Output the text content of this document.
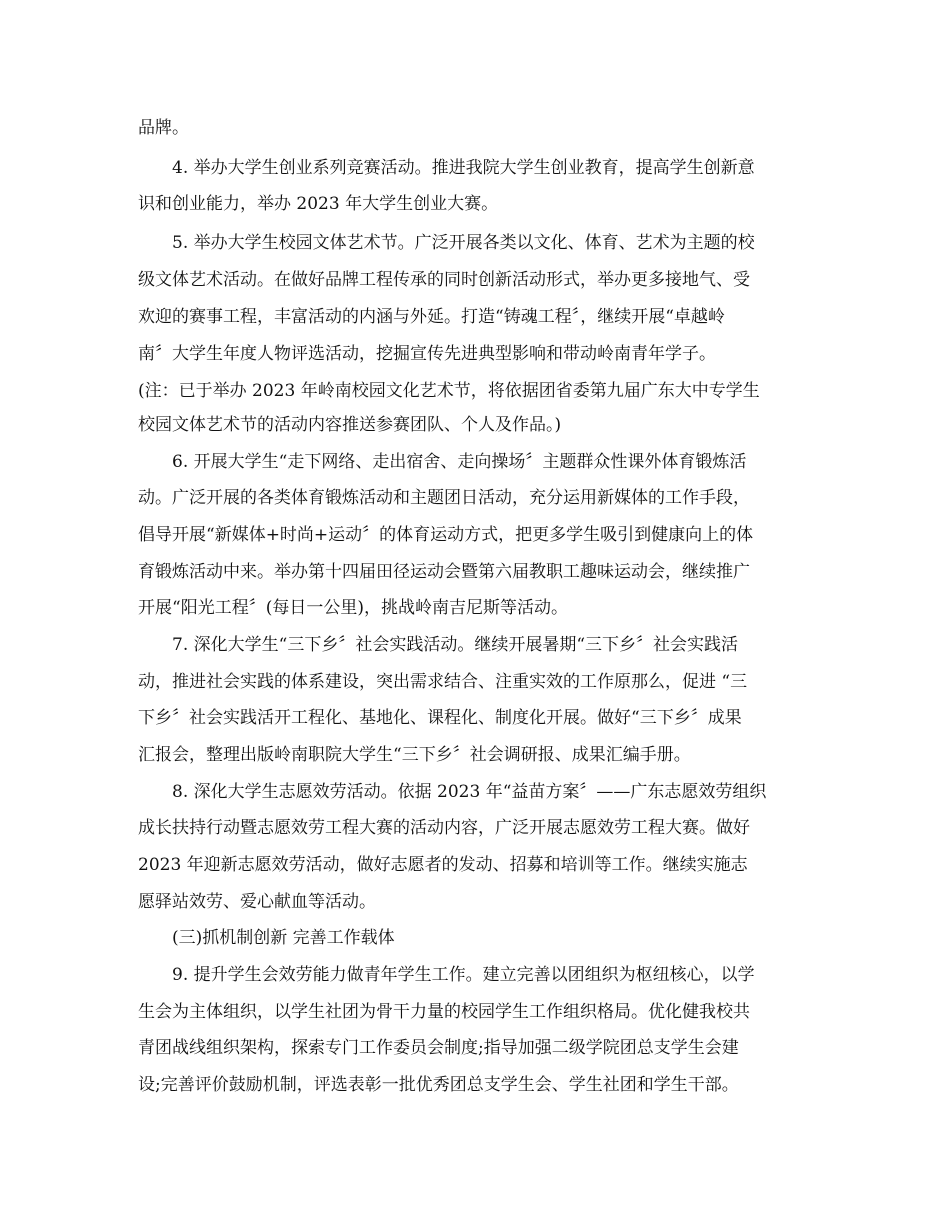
品牌。
4. 举办大学生创业系列竞赛活动。推进我院大学生创业教育，提高学生创新意
识和创业能力，举办 2023 年大学生创业大赛。
5. 举办大学生校园文体艺术节。广泛开展各类以文化、体育、艺术为主题的校
级文体艺术活动。在做好品牌工程传承的同时创新活动形式，举办更多接地气、受
欢迎的赛事工程，丰富活动的内涵与外延。打造“铸魂工程〞，继续开展“卓越岭
南〞大学生年度人物评选活动，挖掘宣传先进典型影响和带动岭南青年学子。
(注：已于举办 2023 年岭南校园文化艺术节，将依据团省委第九届广东大中专学生
校园文体艺术节的活动内容推送参赛团队、个人及作品。)
6. 开展大学生“走下网络、走出宿舍、走向操场〞主题群众性课外体育锻炼活
动。广泛开展的各类体育锻炼活动和主题团日活动，充分运用新媒体的工作手段，
倡导开展“新媒体+时尚+运动〞的体育运动方式，把更多学生吸引到健康向上的体
育锻炼活动中来。举办第十四届田径运动会暨第六届教职工趣味运动会，继续推广
开展“阳光工程〞(每日一公里)，挑战岭南吉尼斯等活动。
7. 深化大学生“三下乡〞社会实践活动。继续开展暑期“三下乡〞社会实践活
动，推进社会实践的体系建设，突出需求结合、注重实效的工作原那么，促进 “三
下乡〞社会实践活开工程化、基地化、课程化、制度化开展。做好“三下乡〞成果
汇报会，整理出版岭南职院大学生“三下乡〞社会调研报、成果汇编手册。
8. 深化大学生志愿效劳活动。依据 2023 年“益苗方案〞——广东志愿效劳组织
成长扶持行动暨志愿效劳工程大赛的活动内容，广泛开展志愿效劳工程大赛。做好
2023 年迎新志愿效劳活动，做好志愿者的发动、招募和培训等工作。继续实施志
愿驿站效劳、爱心献血等活动。
(三)抓机制创新 完善工作载体
9. 提升学生会效劳能力做青年学生工作。建立完善以团组织为枢纽核心，以学
生会为主体组织，以学生社团为骨干力量的校园学生工作组织格局。优化健我校共
青团战线组织架构，探索专门工作委员会制度;指导加强二级学院团总支学生会建
设;完善评价鼓励机制，评选表彰一批优秀团总支学生会、学生社团和学生干部。
